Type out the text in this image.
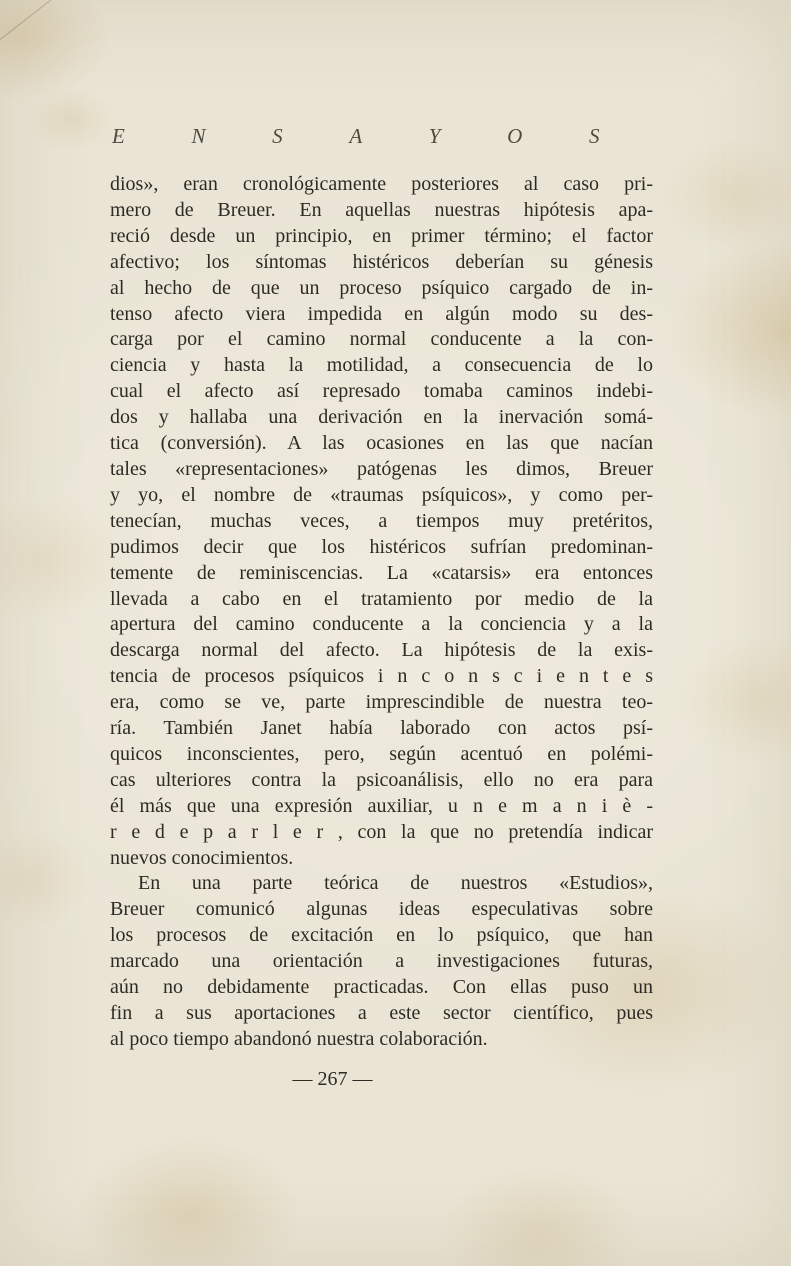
E	N	S	A	Y	O	S
dios», eran cronológicamente posteriores al caso pri-
mero de Breuer. En aquellas nuestras hipótesis apa-
reció desde un principio, en primer término; el factor
afectivo; los síntomas histéricos deberían su génesis
al hecho de que un proceso psíquico cargado de in-
tenso afecto viera impedida en algún modo su des-
carga por el camino normal conducente a la con-
ciencia y hasta la motilidad, a consecuencia de lo
cual el afecto así represado tomaba caminos indebi-
dos y hallaba una derivación en la inervación somá-
tica (conversión). A las ocasiones en las que nacían
tales «representaciones» patógenas les dimos, Breuer
y yo, el nombre de «traumas psíquicos», y como per-
tenecían, muchas veces, a tiempos muy pretéritos,
pudimos decir que los histéricos sufrían predominan-
temente de reminiscencias. La «catarsis» era entonces
llevada a cabo en el tratamiento por medio de la
apertura del camino conducente a la conciencia y a la
descarga normal del afecto. La hipótesis de la exis-
tencia de procesos psíquicos i n c o n s c i e n t e s
era, como se ve, parte imprescindible de nuestra teo-
ría. También Janet había laborado con actos psí-
quicos inconscientes, pero, según acentuó en polémi-
cas ulteriores contra la psicoanálisis, ello no era para
él más que una expresión auxiliar, u n e m a n i è -
r e d e p a r l e r , con la que no pretendía indicar
nuevos conocimientos.
En una parte teórica de nuestros «Estudios»,
Breuer comunicó algunas ideas especulativas sobre
los procesos de excitación en lo psíquico, que han
marcado una orientación a investigaciones futuras,
aún no debidamente practicadas. Con ellas puso un
fin a sus aportaciones a este sector científico, pues
al poco tiempo abandonó nuestra colaboración.
— 267 —
